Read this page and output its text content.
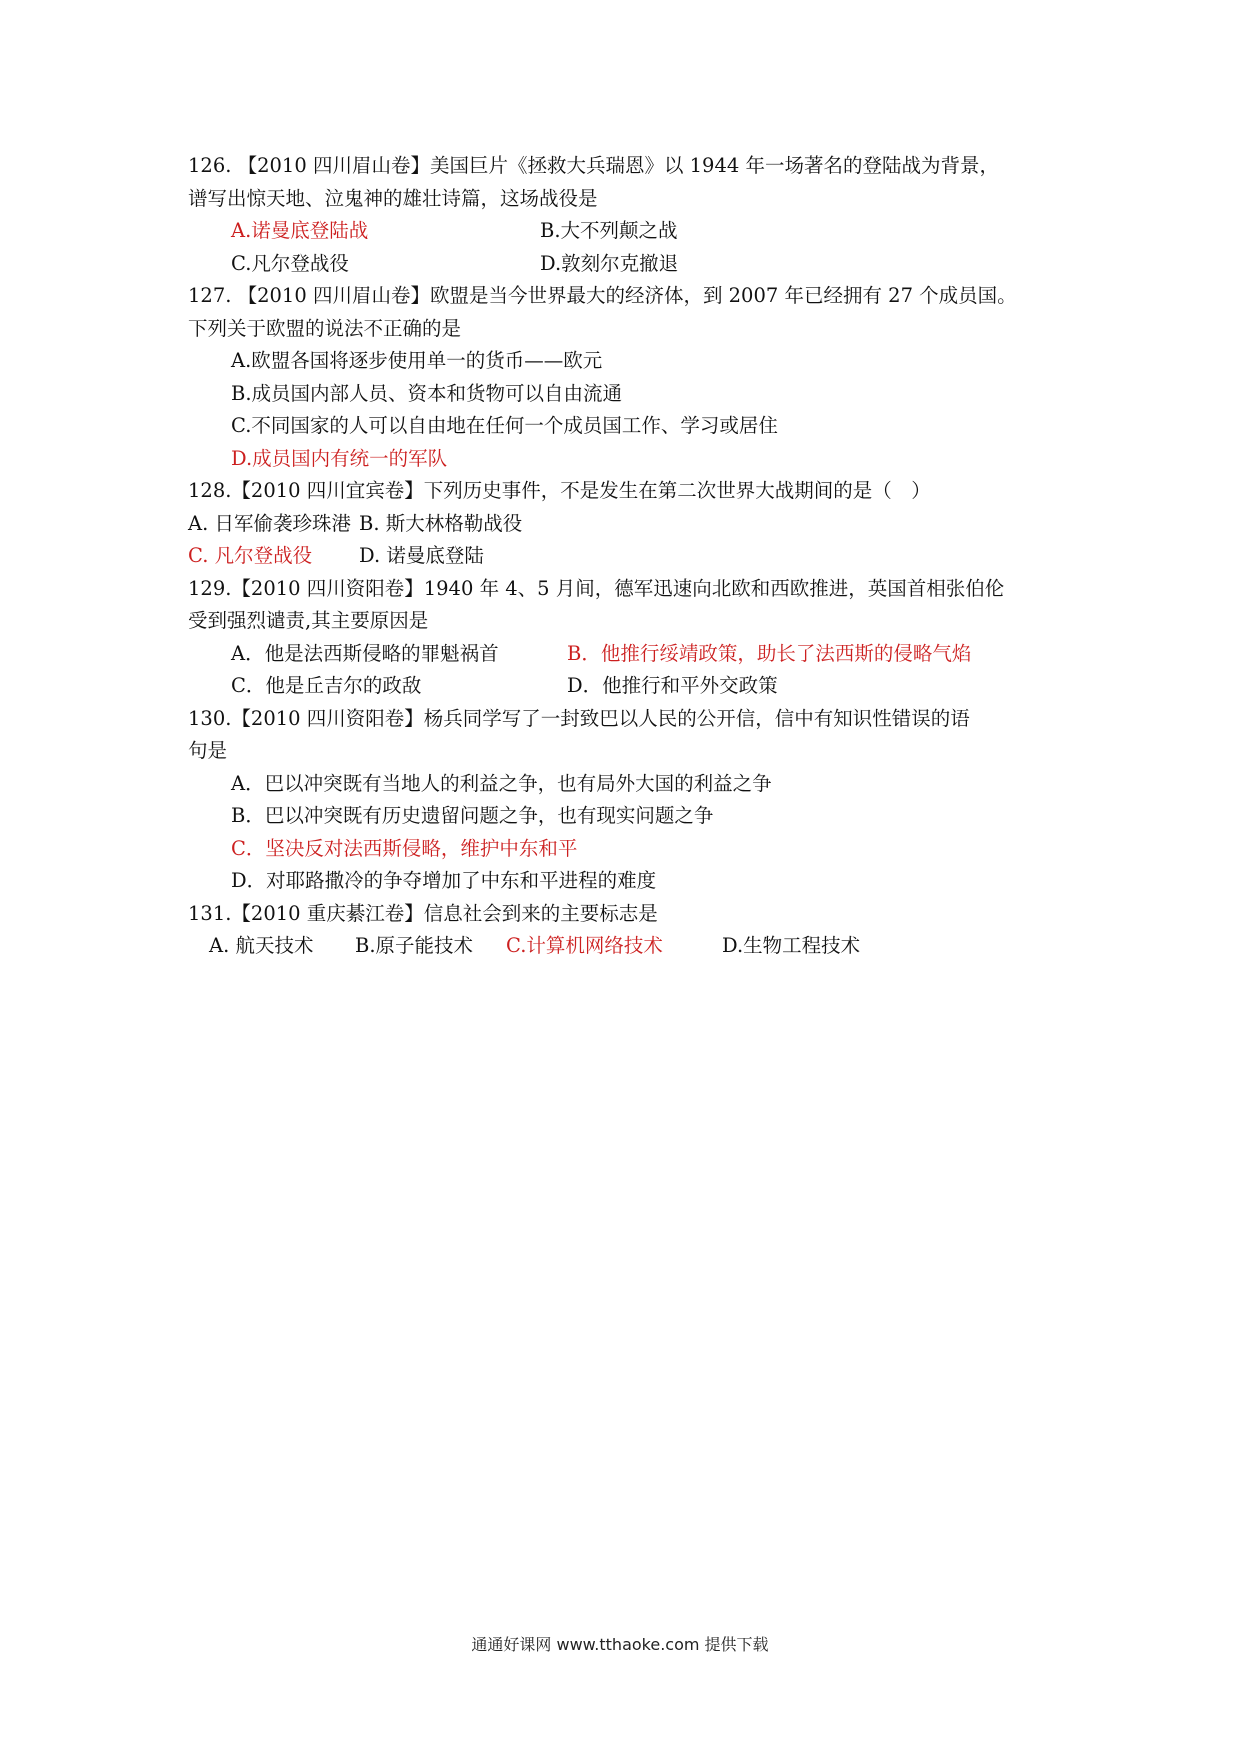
126. 【2010 四川眉山卷】美国巨片《拯救大兵瑞恩》以 1944 年一场著名的登陆战为背景，
谱写出惊天地、泣鬼神的雄壮诗篇，这场战役是
A.诺曼底登陆战	B.大不列颠之战
C.凡尔登战役	D.敦刻尔克撤退
127. 【2010 四川眉山卷】欧盟是当今世界最大的经济体，到 2007 年已经拥有 27 个成员国。
下列关于欧盟的说法不正确的是
A.欧盟各国将逐步使用单一的货币——欧元
B.成员国内部人员、资本和货物可以自由流通
C.不同国家的人可以自由地在任何一个成员国工作、学习或居住
D.成员国内有统一的军队
128.【2010 四川宜宾卷】下列历史事件，不是发生在第二次世界大战期间的是（　）
A. 日军偷袭珍珠港 B. 斯大林格勒战役
C. 凡尔登战役	D. 诺曼底登陆
129.【2010 四川资阳卷】1940 年 4、5 月间，德军迅速向北欧和西欧推进，英国首相张伯伦
受到强烈谴责,其主要原因是
A．他是法西斯侵略的罪魁祸首	B．他推行绥靖政策，助长了法西斯的侵略气焰
C．他是丘吉尔的政敌	D．他推行和平外交政策
130.【2010 四川资阳卷】杨兵同学写了一封致巴以人民的公开信，信中有知识性错误的语
句是
A．巴以冲突既有当地人的利益之争，也有局外大国的利益之争
B．巴以冲突既有历史遗留问题之争，也有现实问题之争
C．坚决反对法西斯侵略，维护中东和平
D．对耶路撒冷的争夺增加了中东和平进程的难度
131.【2010 重庆綦江卷】信息社会到来的主要标志是
A. 航天技术	B.原子能技术	C.计算机网络技术	D.生物工程技术
通通好课网 www.tthaoke.com 提供下载
